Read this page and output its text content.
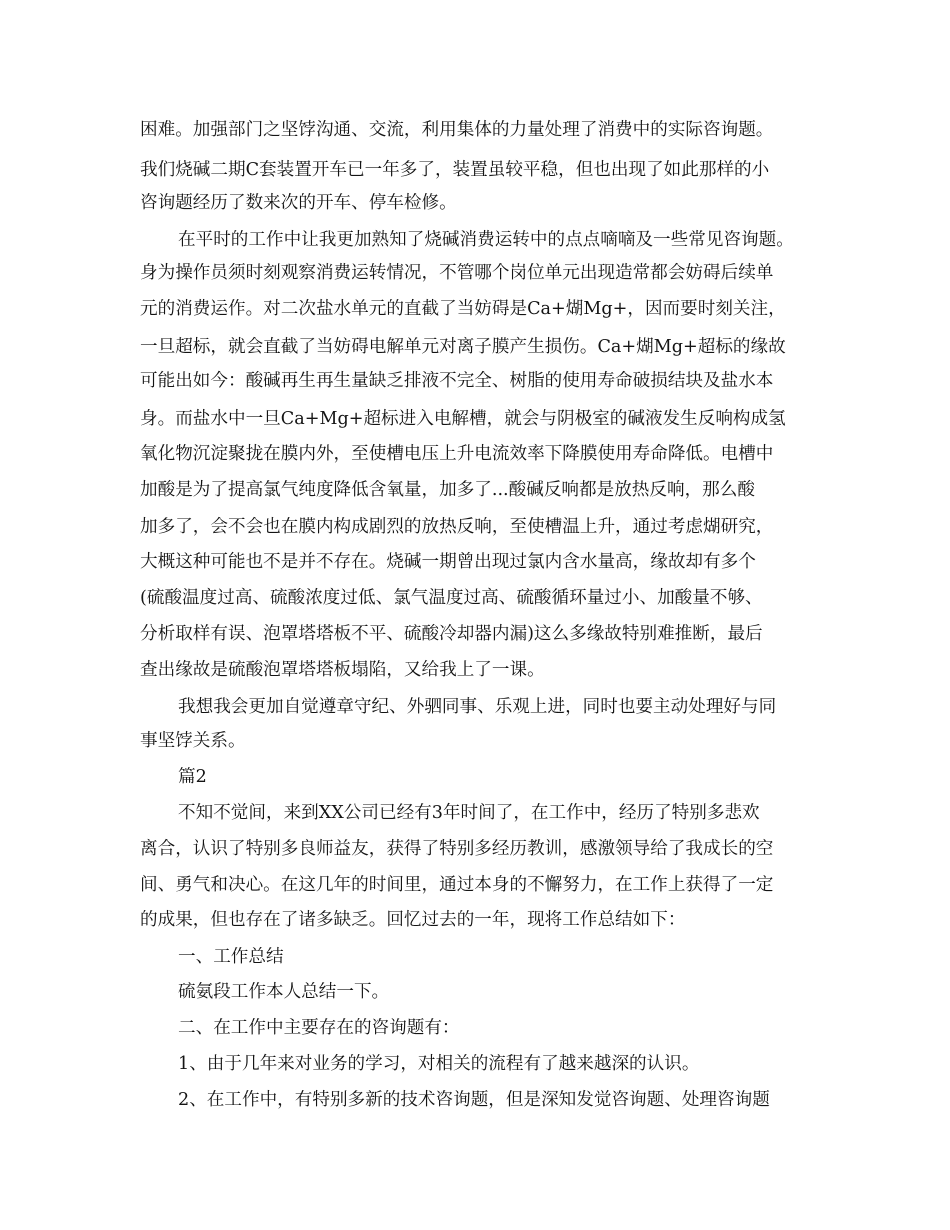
困难。加强部门之坚饽沟通、交流，利用集体的力量处理了消费中的实际咨询题。
我们烧碱二期C套装置开车已一年多了，装置虽较平稳，但也出现了如此那样的小
咨询题经历了数来次的开车、停车检修。
在平时的工作中让我更加熟知了烧碱消费运转中的点点嘀嘀及一些常见咨询题。
身为操作员须时刻观察消费运转情况，不管哪个岗位单元出现造常都会妨碍后续单
元的消费运作。对二次盐水单元的直截了当妨碍是Ca+煳Mg+，因而要时刻关注，
一旦超标，就会直截了当妨碍电解单元对离子膜产生损伤。Ca+煳Mg+超标的缘故
可能出如今：酸碱再生再生量缺乏排液不完全、树脂的使用寿命破损结块及盐水本
身。而盐水中一旦Ca+Mg+超标进入电解槽，就会与阴极室的碱液发生反响构成氢
氧化物沉淀聚拢在膜内外，至使槽电压上升电流效率下降膜使用寿命降低。电槽中
加酸是为了提高氯气纯度降低含氧量，加多了...酸碱反响都是放热反响，那么酸
加多了，会不会也在膜内构成剧烈的放热反响，至使槽温上升，通过考虑煳研究，
大概这种可能也不是并不存在。烧碱一期曾出现过氯内含水量高，缘故却有多个
(硫酸温度过高、硫酸浓度过低、氯气温度过高、硫酸循环量过小、加酸量不够、
分析取样有误、泡罩塔塔板不平、硫酸冷却器内漏)这么多缘故特别难推断，最后
查出缘故是硫酸泡罩塔塔板塌陷，又给我上了一课。
我想我会更加自觉遵章守纪、外驷同事、乐观上进，同时也要主动处理好与同
事坚饽关系。
篇2
不知不觉间，来到XX公司已经有3年时间了，在工作中，经历了特别多悲欢
离合，认识了特别多良师益友，获得了特别多经历教训，感激领导给了我成长的空
间、勇气和决心。在这几年的时间里，通过本身的不懈努力，在工作上获得了一定
的成果，但也存在了诸多缺乏。回忆过去的一年，现将工作总结如下：
一、工作总结
硫氨段工作本人总结一下。
二、在工作中主要存在的咨询题有：
1、由于几年来对业务的学习，对相关的流程有了越来越深的认识。
2、在工作中，有特别多新的技术咨询题，但是深知发觉咨询题、处理咨询题
